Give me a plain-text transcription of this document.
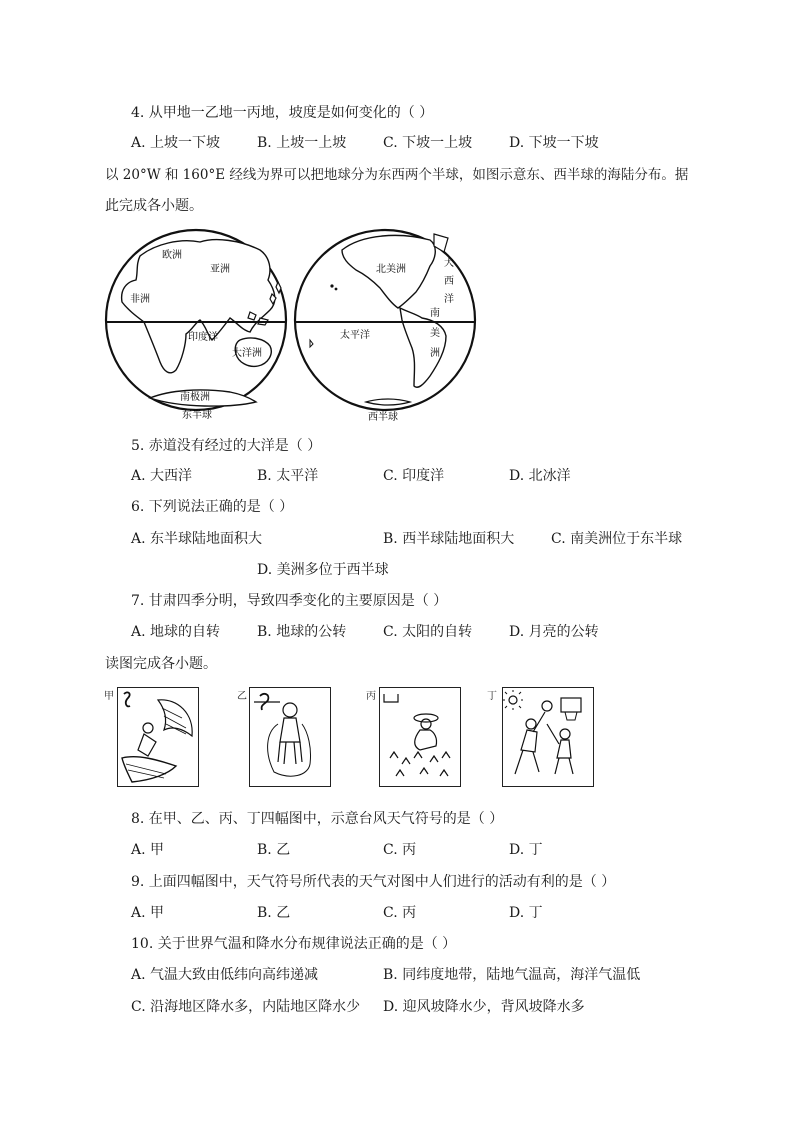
4. 从甲地一乙地一丙地，坡度是如何变化的（ ）
A. 上坡一下坡	B. 上坡一上坡	C. 下坡一上坡	D. 下坡一下坡
以 20°W 和 160°E 经线为界可以把地球分为东西两个半球，如图示意东、西半球的海陆分布。据
此完成各小题。
欧洲
亚洲
非洲
印度洋
大洋洲
南极洲
东半球
北美洲
大
西
洋
南
美
洲
太平洋
西半球
5. 赤道没有经过的大洋是（ ）
A. 大西洋	B. 太平洋	C. 印度洋	D. 北冰洋
6. 下列说法正确的是（ ）
A. 东半球陆地面积大	B. 西半球陆地面积大	C. 南美洲位于东半球
D. 美洲多位于西半球
7. 甘肃四季分明，导致四季变化的主要原因是（ ）
A. 地球的自转	B. 地球的公转	C. 太阳的自转	D. 月亮的公转
读图完成各小题。
甲	乙	丙	丁
8. 在甲、乙、丙、丁四幅图中，示意台风天气符号的是（ ）
A. 甲	B. 乙	C. 丙	D. 丁
9. 上面四幅图中，天气符号所代表的天气对图中人们进行的活动有利的是（ ）
A. 甲	B. 乙	C. 丙	D. 丁
10. 关于世界气温和降水分布规律说法正确的是（ ）
A. 气温大致由低纬向高纬递减	B. 同纬度地带，陆地气温高，海洋气温低
C. 沿海地区降水多，内陆地区降水少 D. 迎风坡降水少，背风坡降水多
